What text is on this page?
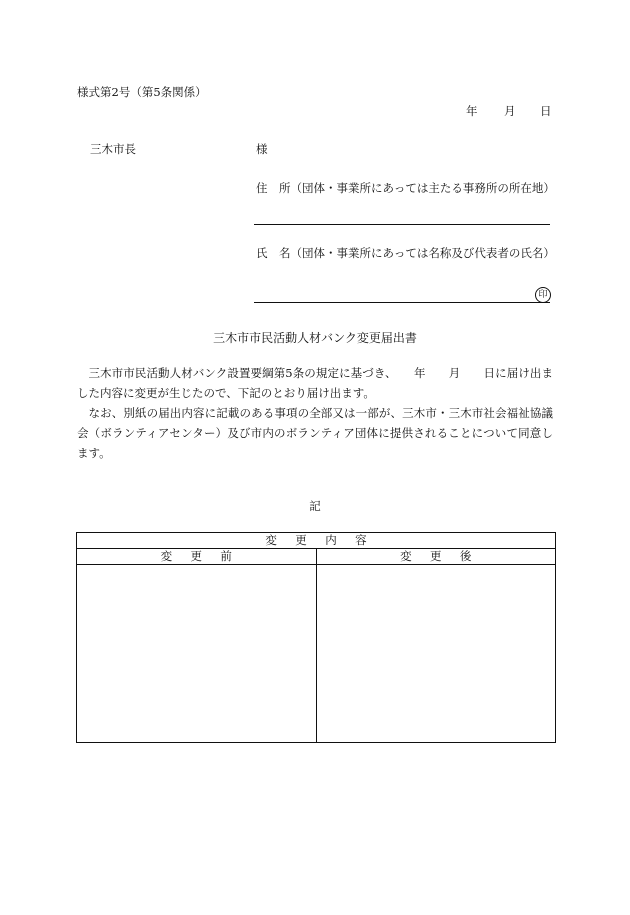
様式第2号（第5条関係）
年	月	日
三木市長	様
住　所（団体・事業所にあっては主たる事務所の所在地）
氏　名（団体・事業所にあっては名称及び代表者の氏名）
印
三木市市民活動人材バンク変更届出書

三木市市民活動人材バンク設置要綱第5条の規定に基づき、　　年　　月　　日に届け出ました内容に変更が生じたので、下記のとおり届け出ます。

なお、別紙の届出内容に記載のある事項の全部又は一部が、三木市・三木市社会福祉協議会（ボランティアセンター）及び市内のボランティア団体に提供されることについて同意します。

記
変更内容	
変更前	変更後
